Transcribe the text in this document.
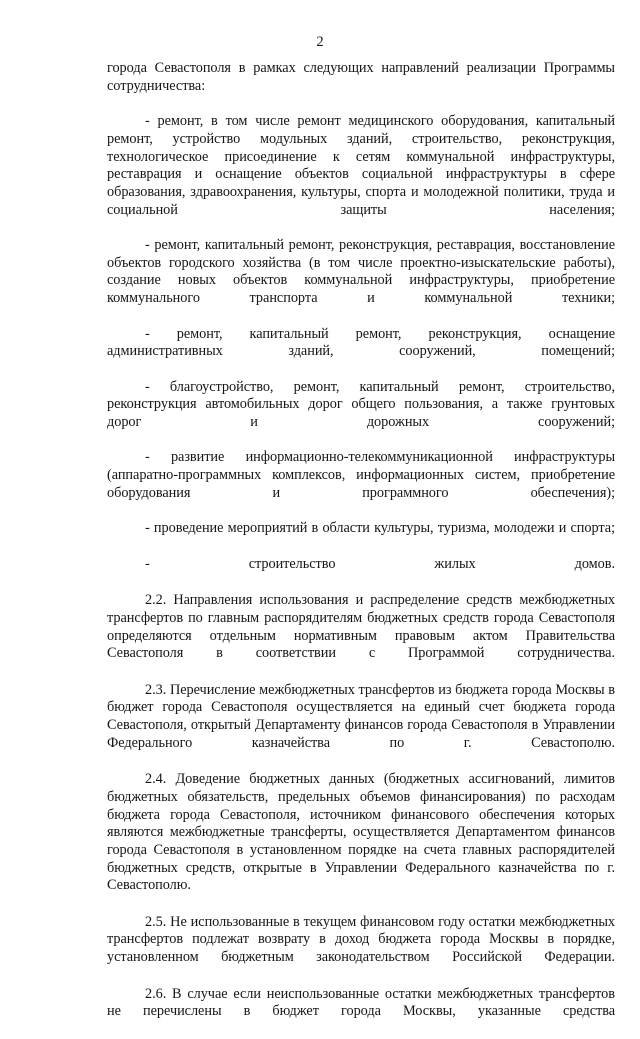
2

города Севастополя в рамках следующих направлений реализации Программы сотрудничества:

- ремонт, в том числе ремонт медицинского оборудования, капитальный ремонт, устройство модульных зданий, строительство, реконструкция, технологическое присоединение к сетям коммунальной инфраструктуры, реставрация и оснащение объектов социальной инфраструктуры в сфере образования, здравоохранения, культуры, спорта и молодежной политики, труда и социальной защиты населения;

- ремонт, капитальный ремонт, реконструкция, реставрация, восстановление объектов городского хозяйства (в том числе проектно-изыскательские работы), создание новых объектов коммунальной инфраструктуры, приобретение коммунального транспорта и коммунальной	техники;

- ремонт, капитальный ремонт, реконструкция, оснащение административных зданий, сооружений, помещений;

- благоустройство, ремонт, капитальный ремонт, строительство, реконструкция автомобильных дорог общего пользования, а также грунтовых дорог и дорожных сооружений;

- развитие информационно-телекоммуникационной инфраструктуры (аппаратно-программных комплексов, информационных систем, приобретение оборудования и программного обеспечения);

- проведение мероприятий в области культуры, туризма, молодежи и спорта;

- строительство жилых домов.

2.2. Направления использования и распределение средств межбюджетных трансфертов по главным распорядителям бюджетных средств города Севастополя определяются отдельным нормативным правовым актом Правительства Севастополя в соответствии с Программой сотрудничества.

2.3. Перечисление межбюджетных трансфертов из бюджета города Москвы в бюджет города Севастополя осуществляется на единый счет бюджета города Севастополя, открытый Департаменту финансов города Севастополя в Управлении Федерального казначейства по г. Севастополю.

2.4. Доведение бюджетных данных (бюджетных ассигнований, лимитов бюджетных обязательств, предельных объемов финансирования) по расходам бюджета города Севастополя, источником финансового обеспечения которых являются межбюджетные трансферты, осуществляется Департаментом финансов города Севастополя в установленном порядке на счета главных распорядителей бюджетных средств, открытые в Управлении Федерального казначейства по г. Севастополю.

2.5. Не использованные в текущем финансовом году остатки межбюджетных трансфертов подлежат возврату в доход бюджета города Москвы в порядке, установленном бюджетным законодательством Российской Федерации.

2.6. В случае если неиспользованные остатки межбюджетных трансфертов не перечислены в бюджет города Москвы, указанные средства
